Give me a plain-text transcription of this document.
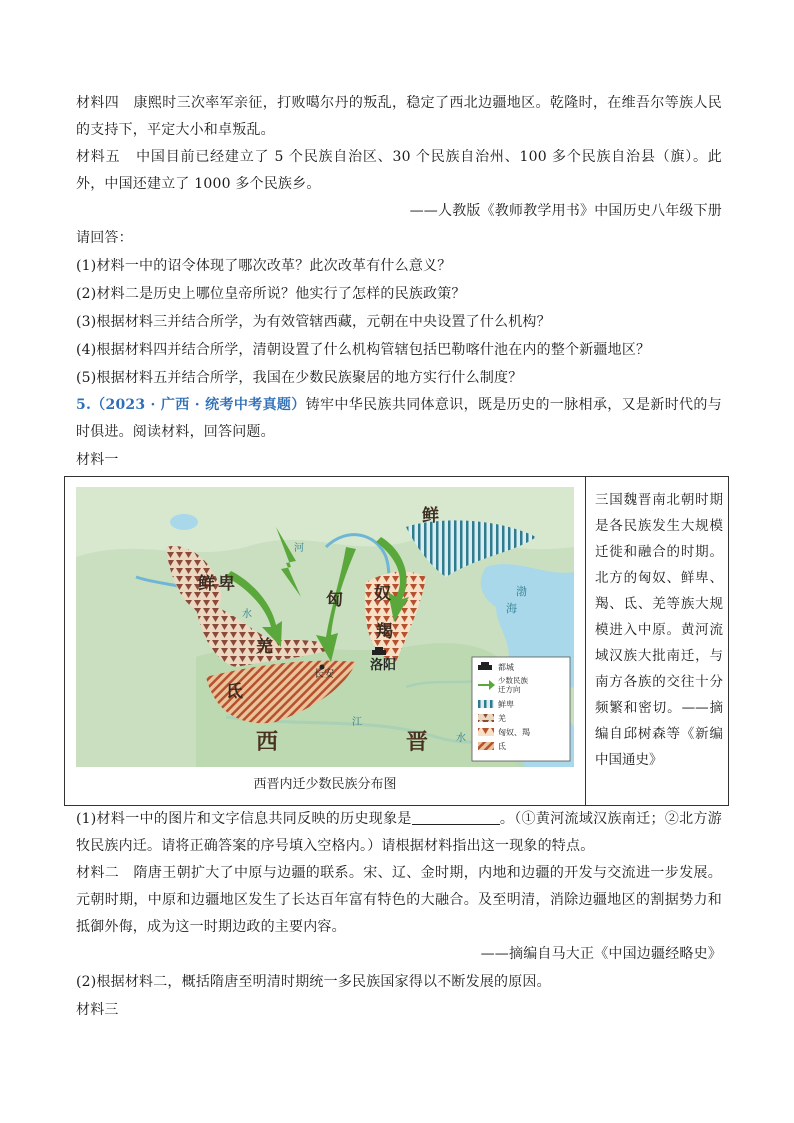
材料四 康熙时三次率军亲征，打败噶尔丹的叛乱，稳定了西北边疆地区。乾隆时，在维吾尔等族人民的支持下，平定大小和卓叛乱。

材料五 中国目前已经建立了 5 个民族自治区、30 个民族自治州、100 多个民族自治县（旗）。此外，中国还建立了 1000 多个民族乡。

——人教版《教师教学用书》中国历史八年级下册

请回答：

(1)材料一中的诏令体现了哪次改革？此次改革有什么意义？

(2)材料二是历史上哪位皇帝所说？他实行了怎样的民族政策？

(3)根据材料三并结合所学，为有效管辖西藏，元朝在中央设置了什么机构？

(4)根据材料四并结合所学，清朝设置了什么机构管辖包括巴勒喀什池在内的整个新疆地区？

(5)根据材料五并结合所学，我国在少数民族聚居的地方实行什么制度？

5.（2023 · 广西 · 统考中考真题）铸牢中华民族共同体意识，既是历史的一脉相承，又是新时代的与时俱进。阅读材料，回答问题。

材料一

鲜
鲜 卑
匈 奴
羯
羌
氐
西	晋
长安
洛阳
渤
海
河
水
江
水
都城
少数民族迁方向
鲜卑
羌
匈奴、羯
氐
西晋内迁少数民族分布图
三国魏晋南北朝时期是各民族发生大规模迁徙和融合的时期。北方的匈奴、鲜卑、羯、氐、羌等族大规模进入中原。黄河流域汉族大批南迁，与南方各族的交往十分频繁和密切。——摘编自邱树森等《新编中国通史》

(1)材料一中的图片和文字信息共同反映的历史现象是	。（①黄河流域汉族南迁；②北方游牧民族内迁。请将正确答案的序号填入空格内。）请根据材料指出这一现象的特点。

材料二 隋唐王朝扩大了中原与边疆的联系。宋、辽、金时期，内地和边疆的开发与交流进一步发展。元朝时期，中原和边疆地区发生了长达百年富有特色的大融合。及至明清，消除边疆地区的割据势力和抵御外侮，成为这一时期边政的主要内容。

——摘编自马大正《中国边疆经略史》

(2)根据材料二，概括隋唐至明清时期统一多民族国家得以不断发展的原因。

材料三
